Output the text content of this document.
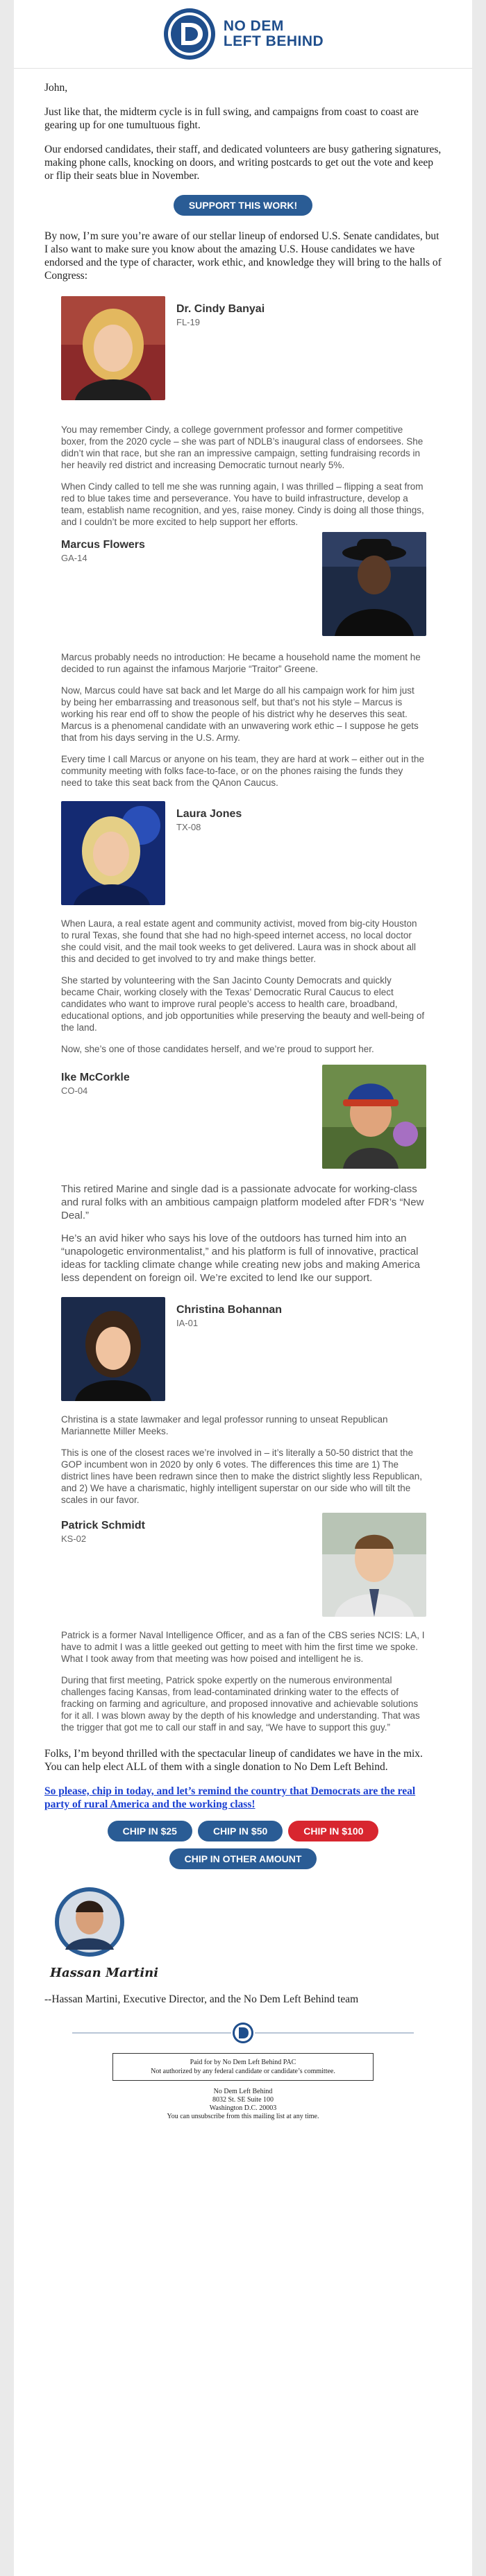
NO DEM
LEFT BEHIND

John,

Just like that, the midterm cycle is in full swing, and campaigns from coast to coast are gearing up for one tumultuous fight.

Our endorsed candidates, their staff, and dedicated volunteers are busy gathering signatures, making phone calls, knocking on doors, and writing postcards to get out the vote and keep or flip their seats blue in November.

SUPPORT THIS WORK!

By now, I’m sure you’re aware of our stellar lineup of endorsed U.S. Senate candidates, but I also want to make sure you know about the amazing U.S. House candidates we have endorsed and the type of character, work ethic, and knowledge they will bring to the halls of Congress:

Dr. Cindy Banyai
FL-19

You may remember Cindy, a college government professor and former competitive boxer, from the 2020 cycle – she was part of NDLB’s inaugural class of endorsees. She didn’t win that race, but she ran an impressive campaign, setting fundraising records in her heavily red district and increasing Democratic turnout nearly 5%.

When Cindy called to tell me she was running again, I was thrilled – flipping a seat from red to blue takes time and perseverance. You have to build infrastructure, develop a team, establish name recognition, and yes, raise money. Cindy is doing all those things, and I couldn’t be more excited to help support her efforts.

Marcus Flowers
GA-14

Marcus probably needs no introduction: He became a household name the moment he decided to run against the infamous Marjorie “Traitor” Greene.

Now, Marcus could have sat back and let Marge do all his campaign work for him just by being her embarrassing and treasonous self, but that’s not his style – Marcus is working his rear end off to show the people of his district why he deserves this seat. Marcus is a phenomenal candidate with an unwavering work ethic – I suppose he gets that from his days serving in the U.S. Army.

Every time I call Marcus or anyone on his team, they are hard at work – either out in the community meeting with folks face-to-face, or on the phones raising the funds they need to take this seat back from the QAnon Caucus.

Laura Jones
TX-08

When Laura, a real estate agent and community activist, moved from big-city Houston to rural Texas, she found that she had no high-speed internet access, no local doctor she could visit, and the mail took weeks to get delivered. Laura was in shock about all this and decided to get involved to try and make things better.

She started by volunteering with the San Jacinto County Democrats and quickly became Chair, working closely with the Texas’ Democratic Rural Caucus to elect candidates who want to improve rural people’s access to health care, broadband, educational options, and job opportunities while preserving the beauty and well-being of the land.

Now, she’s one of those candidates herself, and we’re proud to support her.

Ike McCorkle
CO-04

This retired Marine and single dad is a passionate advocate for working-class and rural folks with an ambitious campaign platform modeled after FDR’s “New Deal.”

He’s an avid hiker who says his love of the outdoors has turned him into an “unapologetic environmentalist,” and his platform is full of innovative, practical ideas for tackling climate change while creating new jobs and making America less dependent on foreign oil. We’re excited to lend Ike our support.

Christina Bohannan
IA-01

Christina is a state lawmaker and legal professor running to unseat Republican Mariannette Miller Meeks.

This is one of the closest races we’re involved in – it’s literally a 50-50 district that the GOP incumbent won in 2020 by only 6 votes. The differences this time are 1) The district lines have been redrawn since then to make the district slightly less Republican, and 2) We have a charismatic, highly intelligent superstar on our side who will tilt the scales in our favor.

Patrick Schmidt
KS-02

Patrick is a former Naval Intelligence Officer, and as a fan of the CBS series NCIS: LA, I have to admit I was a little geeked out getting to meet with him the first time we spoke. What I took away from that meeting was how poised and intelligent he is.

During that first meeting, Patrick spoke expertly on the numerous environmental challenges facing Kansas, from lead-contaminated drinking water to the effects of fracking on farming and agriculture, and proposed innovative and achievable solutions for it all. I was blown away by the depth of his knowledge and understanding. That was the trigger that got me to call our staff in and say, “We have to support this guy.”

Folks, I’m beyond thrilled with the spectacular lineup of candidates we have in the mix. You can help elect ALL of them with a single donation to No Dem Left Behind.

So please, chip in today, and let’s remind the country that Democrats are the real party of rural America and the working class!

CHIP IN $25	CHIP IN $50	CHIP IN $100
CHIP IN OTHER AMOUNT
Hassan Martini

--Hassan Martini, Executive Director, and the No Dem Left Behind team

Paid for by No Dem Left Behind PAC
Not authorized by any federal candidate or candidate’s committee.
No Dem Left Behind
8032 St. SE Suite 100
Washington D.C. 20003
You can unsubscribe from this mailing list at any time.
